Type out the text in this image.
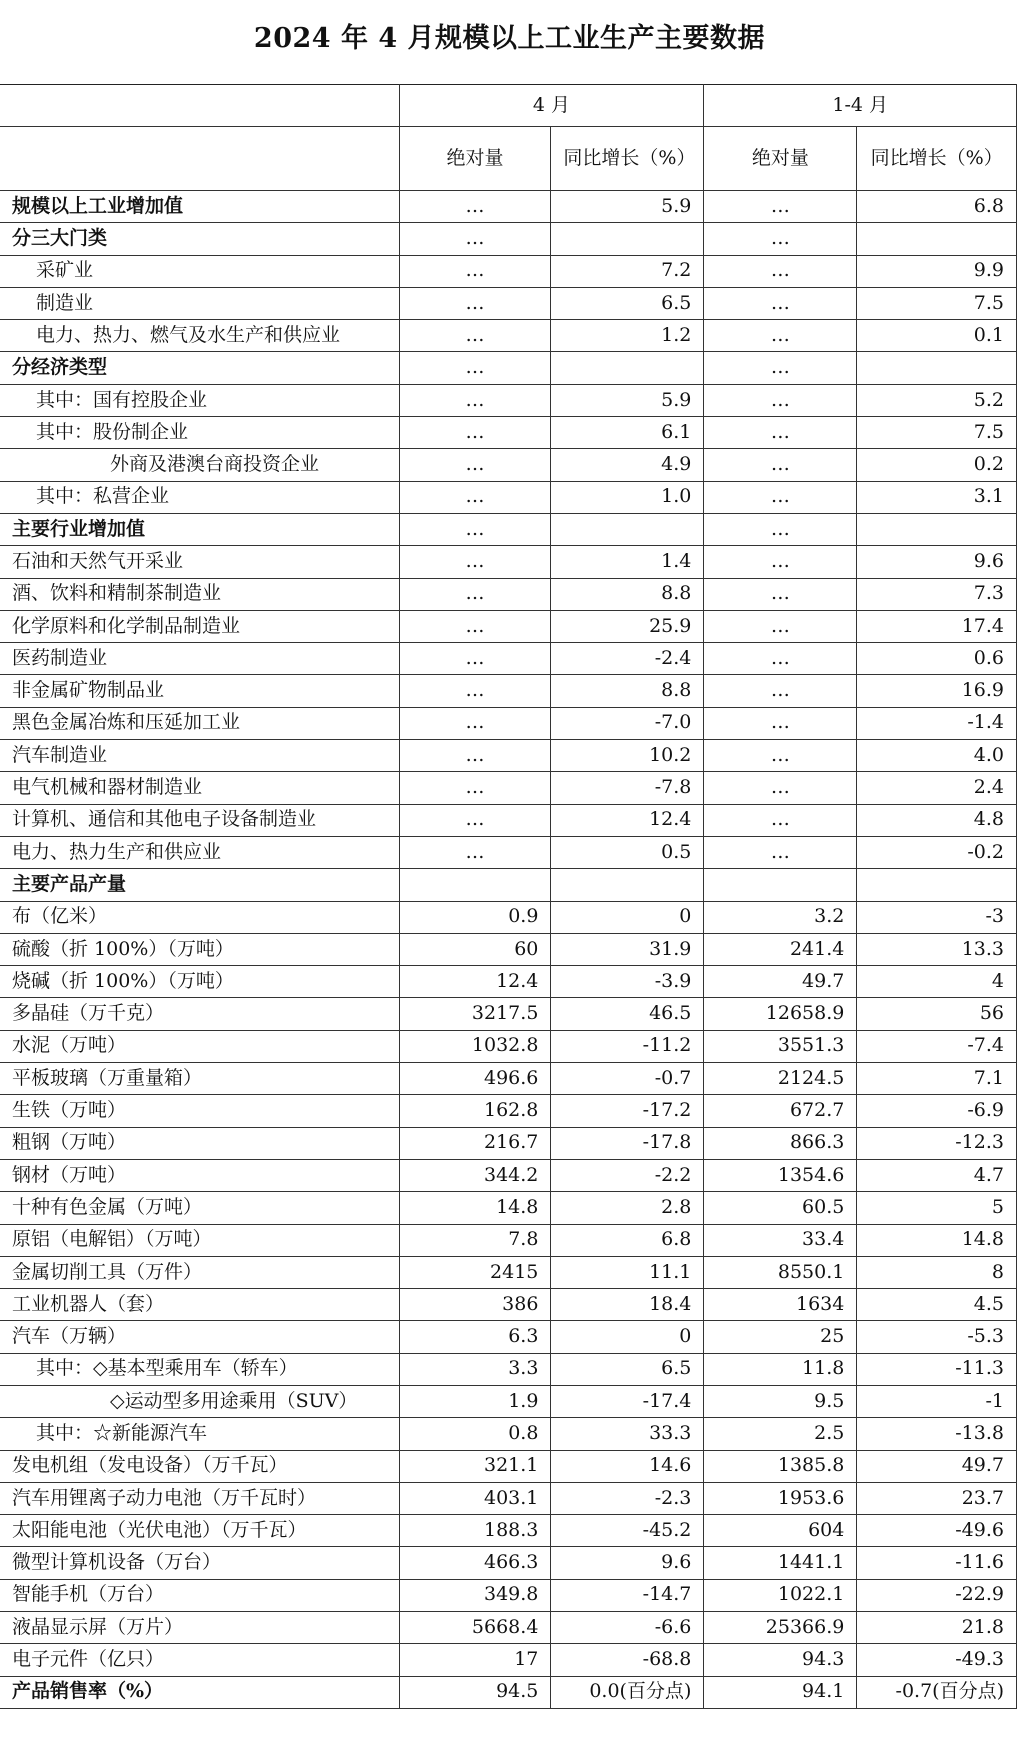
2024 年 4 月规模以上工业生产主要数据
	4 月		1-4 月	
	绝对量	同比增长（%）	绝对量	同比增长（%）
规模以上工业增加值	…	5.9	…	6.8
分三大门类	…		…	
采矿业	…	7.2	…	9.9
制造业	…	6.5	…	7.5
电力、热力、燃气及水生产和供应业	…	1.2	…	0.1
分经济类型	…		…	
其中：国有控股企业	…	5.9	…	5.2
其中：股份制企业	…	6.1	…	7.5
外商及港澳台商投资企业	…	4.9	…	0.2
其中：私营企业	…	1.0	…	3.1
主要行业增加值	…		…	
石油和天然气开采业	…	1.4	…	9.6
酒、饮料和精制茶制造业	…	8.8	…	7.3
化学原料和化学制品制造业	…	25.9	…	17.4
医药制造业	…	-2.4	…	0.6
非金属矿物制品业	…	8.8	…	16.9
黑色金属冶炼和压延加工业	…	-7.0	…	-1.4
汽车制造业	…	10.2	…	4.0
电气机械和器材制造业	…	-7.8	…	2.4
计算机、通信和其他电子设备制造业	…	12.4	…	4.8
电力、热力生产和供应业	…	0.5	…	-0.2
主要产品产量				
布（亿米）	0.9	0	3.2	-3
硫酸（折 100%）（万吨）	60	31.9	241.4	13.3
烧碱（折 100%）（万吨）	12.4	-3.9	49.7	4
多晶硅（万千克）	3217.5	46.5	12658.9	56
水泥（万吨）	1032.8	-11.2	3551.3	-7.4
平板玻璃（万重量箱）	496.6	-0.7	2124.5	7.1
生铁（万吨）	162.8	-17.2	672.7	-6.9
粗钢（万吨）	216.7	-17.8	866.3	-12.3
钢材（万吨）	344.2	-2.2	1354.6	4.7
十种有色金属（万吨）	14.8	2.8	60.5	5
原铝（电解铝）（万吨）	7.8	6.8	33.4	14.8
金属切削工具（万件）	2415	11.1	8550.1	8
工业机器人（套）	386	18.4	1634	4.5
汽车（万辆）	6.3	0	25	-5.3
其中：◇基本型乘用车（轿车）	3.3	6.5	11.8	-11.3
◇运动型多用途乘用（SUV）	1.9	-17.4	9.5	-1
其中：☆新能源汽车	0.8	33.3	2.5	-13.8
发电机组（发电设备）（万千瓦）	321.1	14.6	1385.8	49.7
汽车用锂离子动力电池（万千瓦时）	403.1	-2.3	1953.6	23.7
太阳能电池（光伏电池）（万千瓦）	188.3	-45.2	604	-49.6
微型计算机设备（万台）	466.3	9.6	1441.1	-11.6
智能手机（万台）	349.8	-14.7	1022.1	-22.9
液晶显示屏（万片）	5668.4	-6.6	25366.9	21.8
电子元件（亿只）	17	-68.8	94.3	-49.3
产品销售率（%）	94.5	0.0(百分点)	94.1	-0.7(百分点)
